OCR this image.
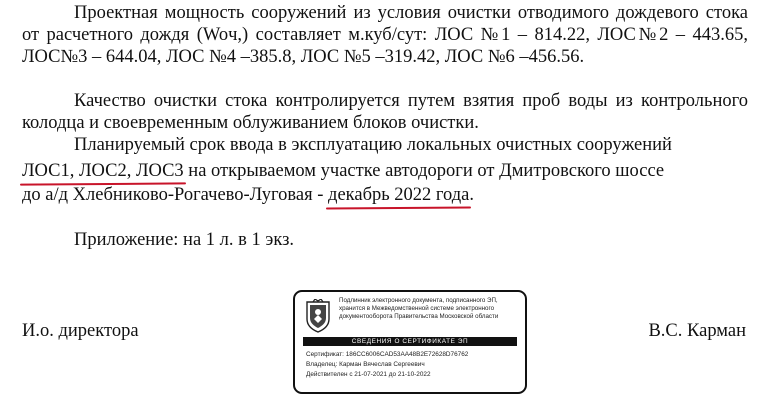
Проектная мощность сооружений из условия очистки отводимого дождевого стока от расчетного дождя (Woч,) составляет м.куб/сут: ЛОС №1 – 814.22, ЛОС№2 – 443.65, ЛОС№3 – 644.04, ЛОС №4 –385.8, ЛОС №5 –319.42, ЛОС №6 –456.56.
Качество очистки стока контролируется путем взятия проб воды из контрольного колодца и своевременным облуживанием блоков очистки.
Планируемый срок ввода в эксплуатацию локальных очистных сооружений
ЛОС1, ЛОС2, ЛОС3 на открываемом участке автодороги от Дмитровского шоссе
до а/д Хлебниково-Рогачево-Луговая - декабрь 2022 года.
Приложение: на 1 л. в 1 экз.
И.о. директора	В.С. Карман
Подлинник электронного документа, подписанного ЭП, хранится в Межведомственной системе электронного документооборота Правительства Московской области
СВЕДЕНИЯ О СЕРТИФИКАТЕ ЭП
Сертификат: 186CC6006CAD53AA48B2E72628D76762
Владелец: Карман Вячеслав Сергеевич
Действителен с 21-07-2021 до 21-10-2022
